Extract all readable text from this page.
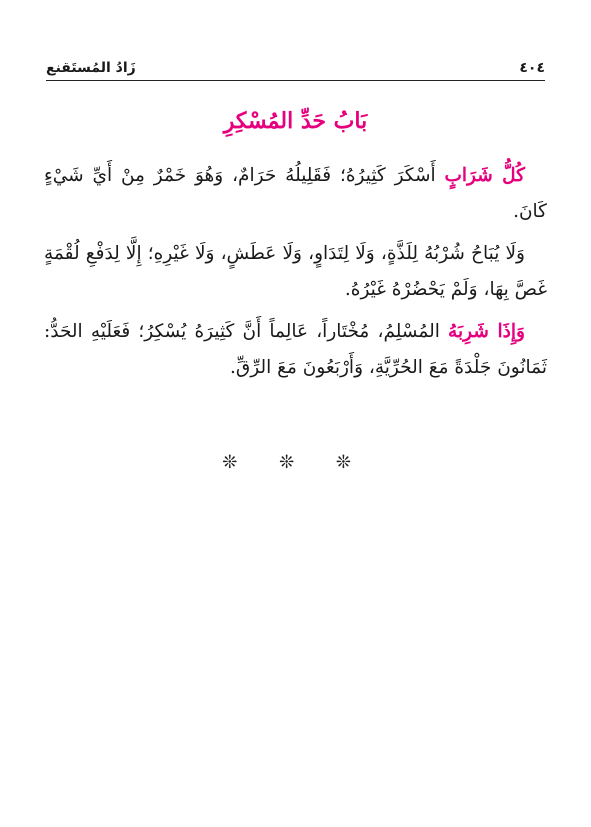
٤٠٤
زَادُ المُستَقنع
بَابُ حَدِّ المُسْكِرِ

كُلُّ شَرَابٍ أَسْكَرَ كَثِيرُهُ؛ فَقَلِيلُهُ حَرَامٌ، وَهُوَ خَمْرٌ مِنْ أَيِّ شَيْءٍ كَانَ.

وَلَا يُبَاحُ شُرْبُهُ لِلَذَّةٍ، وَلَا لِتَدَاوٍ، وَلَا عَطَشٍ، وَلَا غَيْرِهِ؛ إِلَّا لِدَفْعِ لُقْمَةٍ غَصَّ بِهَا، وَلَمْ يَحْضُرْهُ غَيْرُهُ.

وَإِذَا شَرِبَهُ المُسْلِمُ، مُخْتَاراً، عَالِماً أَنَّ كَثِيرَهُ يُسْكِرُ؛ فَعَلَيْهِ الحَدُّ: ثَمَانُونَ جَلْدَةً مَعَ الحُرِّيَّةِ، وَأَرْبَعُونَ مَعَ الرِّقِّ.

❊ ❊ ❊
